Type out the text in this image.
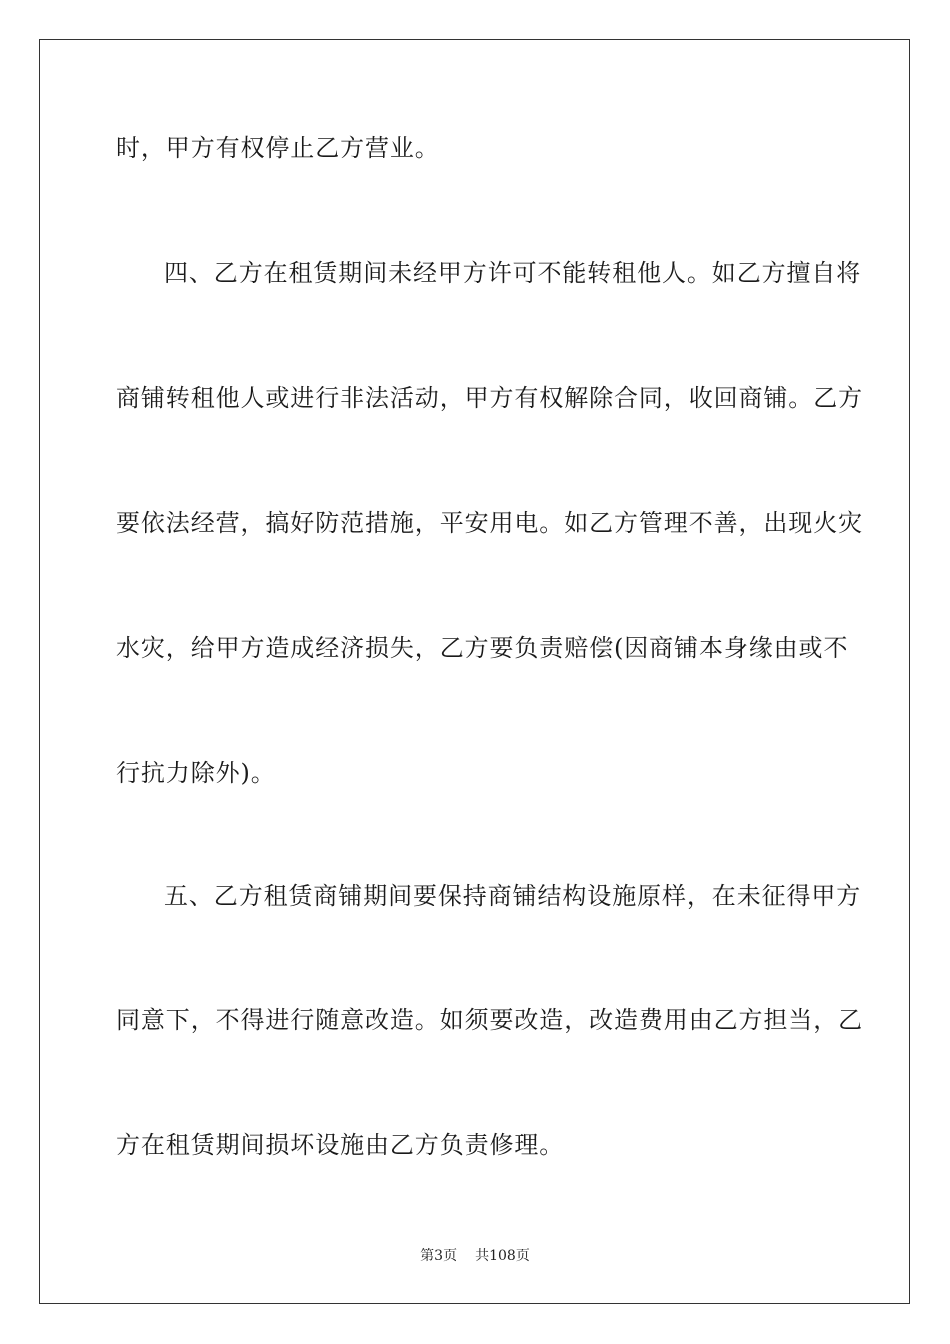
时，甲方有权停止乙方营业。
四、乙方在租赁期间未经甲方许可不能转租他人。如乙方擅自将
商铺转租他人或进行非法活动，甲方有权解除合同，收回商铺。乙方
要依法经营，搞好防范措施，平安用电。如乙方管理不善，出现火灾
水灾，给甲方造成经济损失，乙方要负责赔偿(因商铺本身缘由或不
行抗力除外)。
五、乙方租赁商铺期间要保持商铺结构设施原样，在未征得甲方
同意下，不得进行随意改造。如须要改造，改造费用由乙方担当，乙
方在租赁期间损坏设施由乙方负责修理。
第3页 共108页
